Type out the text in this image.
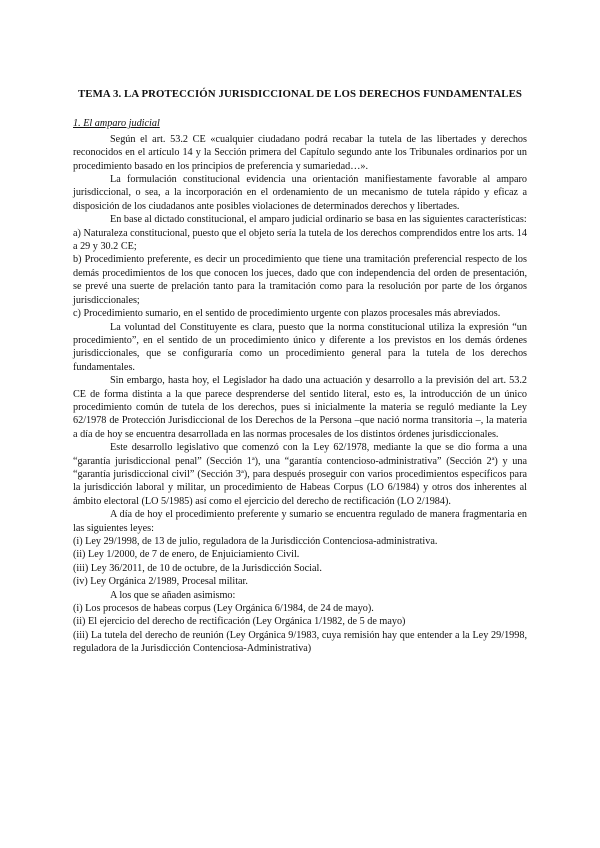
TEMA 3. LA PROTECCIÓN JURISDICCIONAL DE LOS DERECHOS FUNDAMENTALES
1. El amparo judicial

Según el art. 53.2 CE «cualquier ciudadano podrá recabar la tutela de las libertades y derechos reconocidos en el artículo 14 y la Sección primera del Capítulo segundo ante los Tribunales ordinarios por un procedimiento basado en los principios de preferencia y sumariedad…».

La formulación constitucional evidencia una orientación manifiestamente favorable al amparo jurisdiccional, o sea, a la incorporación en el ordenamiento de un mecanismo de tutela rápido y eficaz a disposición de los ciudadanos ante posibles violaciones de determinados derechos y libertades.

En base al dictado constitucional, el amparo judicial ordinario se basa en las siguientes características:

a) Naturaleza constitucional, puesto que el objeto sería la tutela de los derechos comprendidos entre los arts. 14 a 29 y 30.2 CE;

b) Procedimiento preferente, es decir un procedimiento que tiene una tramitación preferencial respecto de los demás procedimientos de los que conocen los jueces, dado que con independencia del orden de presentación, se prevé una suerte de prelación tanto para la tramitación como para la resolución por parte de los órganos jurisdiccionales;

c) Procedimiento sumario, en el sentido de procedimiento urgente con plazos procesales más abreviados.

La voluntad del Constituyente es clara, puesto que la norma constitucional utiliza la expresión “un procedimiento”, en el sentido de un procedimiento único y diferente a los previstos en los demás órdenes jurisdiccionales, que se configuraría como un procedimiento general para la tutela de los derechos fundamentales.

Sin embargo, hasta hoy, el Legislador ha dado una actuación y desarrollo a la previsión del art. 53.2 CE de forma distinta a la que parece desprenderse del sentido literal, esto es, la introducción de un único procedimiento común de tutela de los derechos, pues si inicialmente la materia se reguló mediante la Ley 62/1978 de Protección Jurisdiccional de los Derechos de la Persona –que nació norma transitoria –, la materia a día de hoy se encuentra desarrollada en las normas procesales de los distintos órdenes jurisdiccionales.

Este desarrollo legislativo que comenzó con la Ley 62/1978, mediante la que se dio forma a una “garantía jurisdiccional penal” (Sección 1ª), una “garantía contencioso-administrativa” (Sección 2ª) y una “garantía jurisdiccional civil” (Sección 3ª), para después proseguir con varios procedimientos específicos para la jurisdicción laboral y militar, un procedimiento de Habeas Corpus (LO 6/1984) y otros dos inherentes al ámbito electoral (LO 5/1985) así como el ejercicio del derecho de rectificación (LO 2/1984).

A día de hoy el procedimiento preferente y sumario se encuentra regulado de manera fragmentaria en las siguientes leyes:

(i) Ley 29/1998, de 13 de julio, reguladora de la Jurisdicción Contenciosa-administrativa.

(ii) Ley 1/2000, de 7 de enero, de Enjuiciamiento Civil.

(iii) Ley 36/2011, de 10 de octubre, de la Jurisdicción Social.

(iv) Ley Orgánica 2/1989, Procesal militar.

A los que se añaden asimismo:

(i) Los procesos de habeas corpus (Ley Orgánica 6/1984, de 24 de mayo).

(ii) El ejercicio del derecho de rectificación (Ley Orgánica 1/1982, de 5 de mayo)

(iii) La tutela del derecho de reunión (Ley Orgánica 9/1983, cuya remisión hay que entender a la Ley 29/1998, reguladora de la Jurisdicción Contenciosa-Administrativa)
